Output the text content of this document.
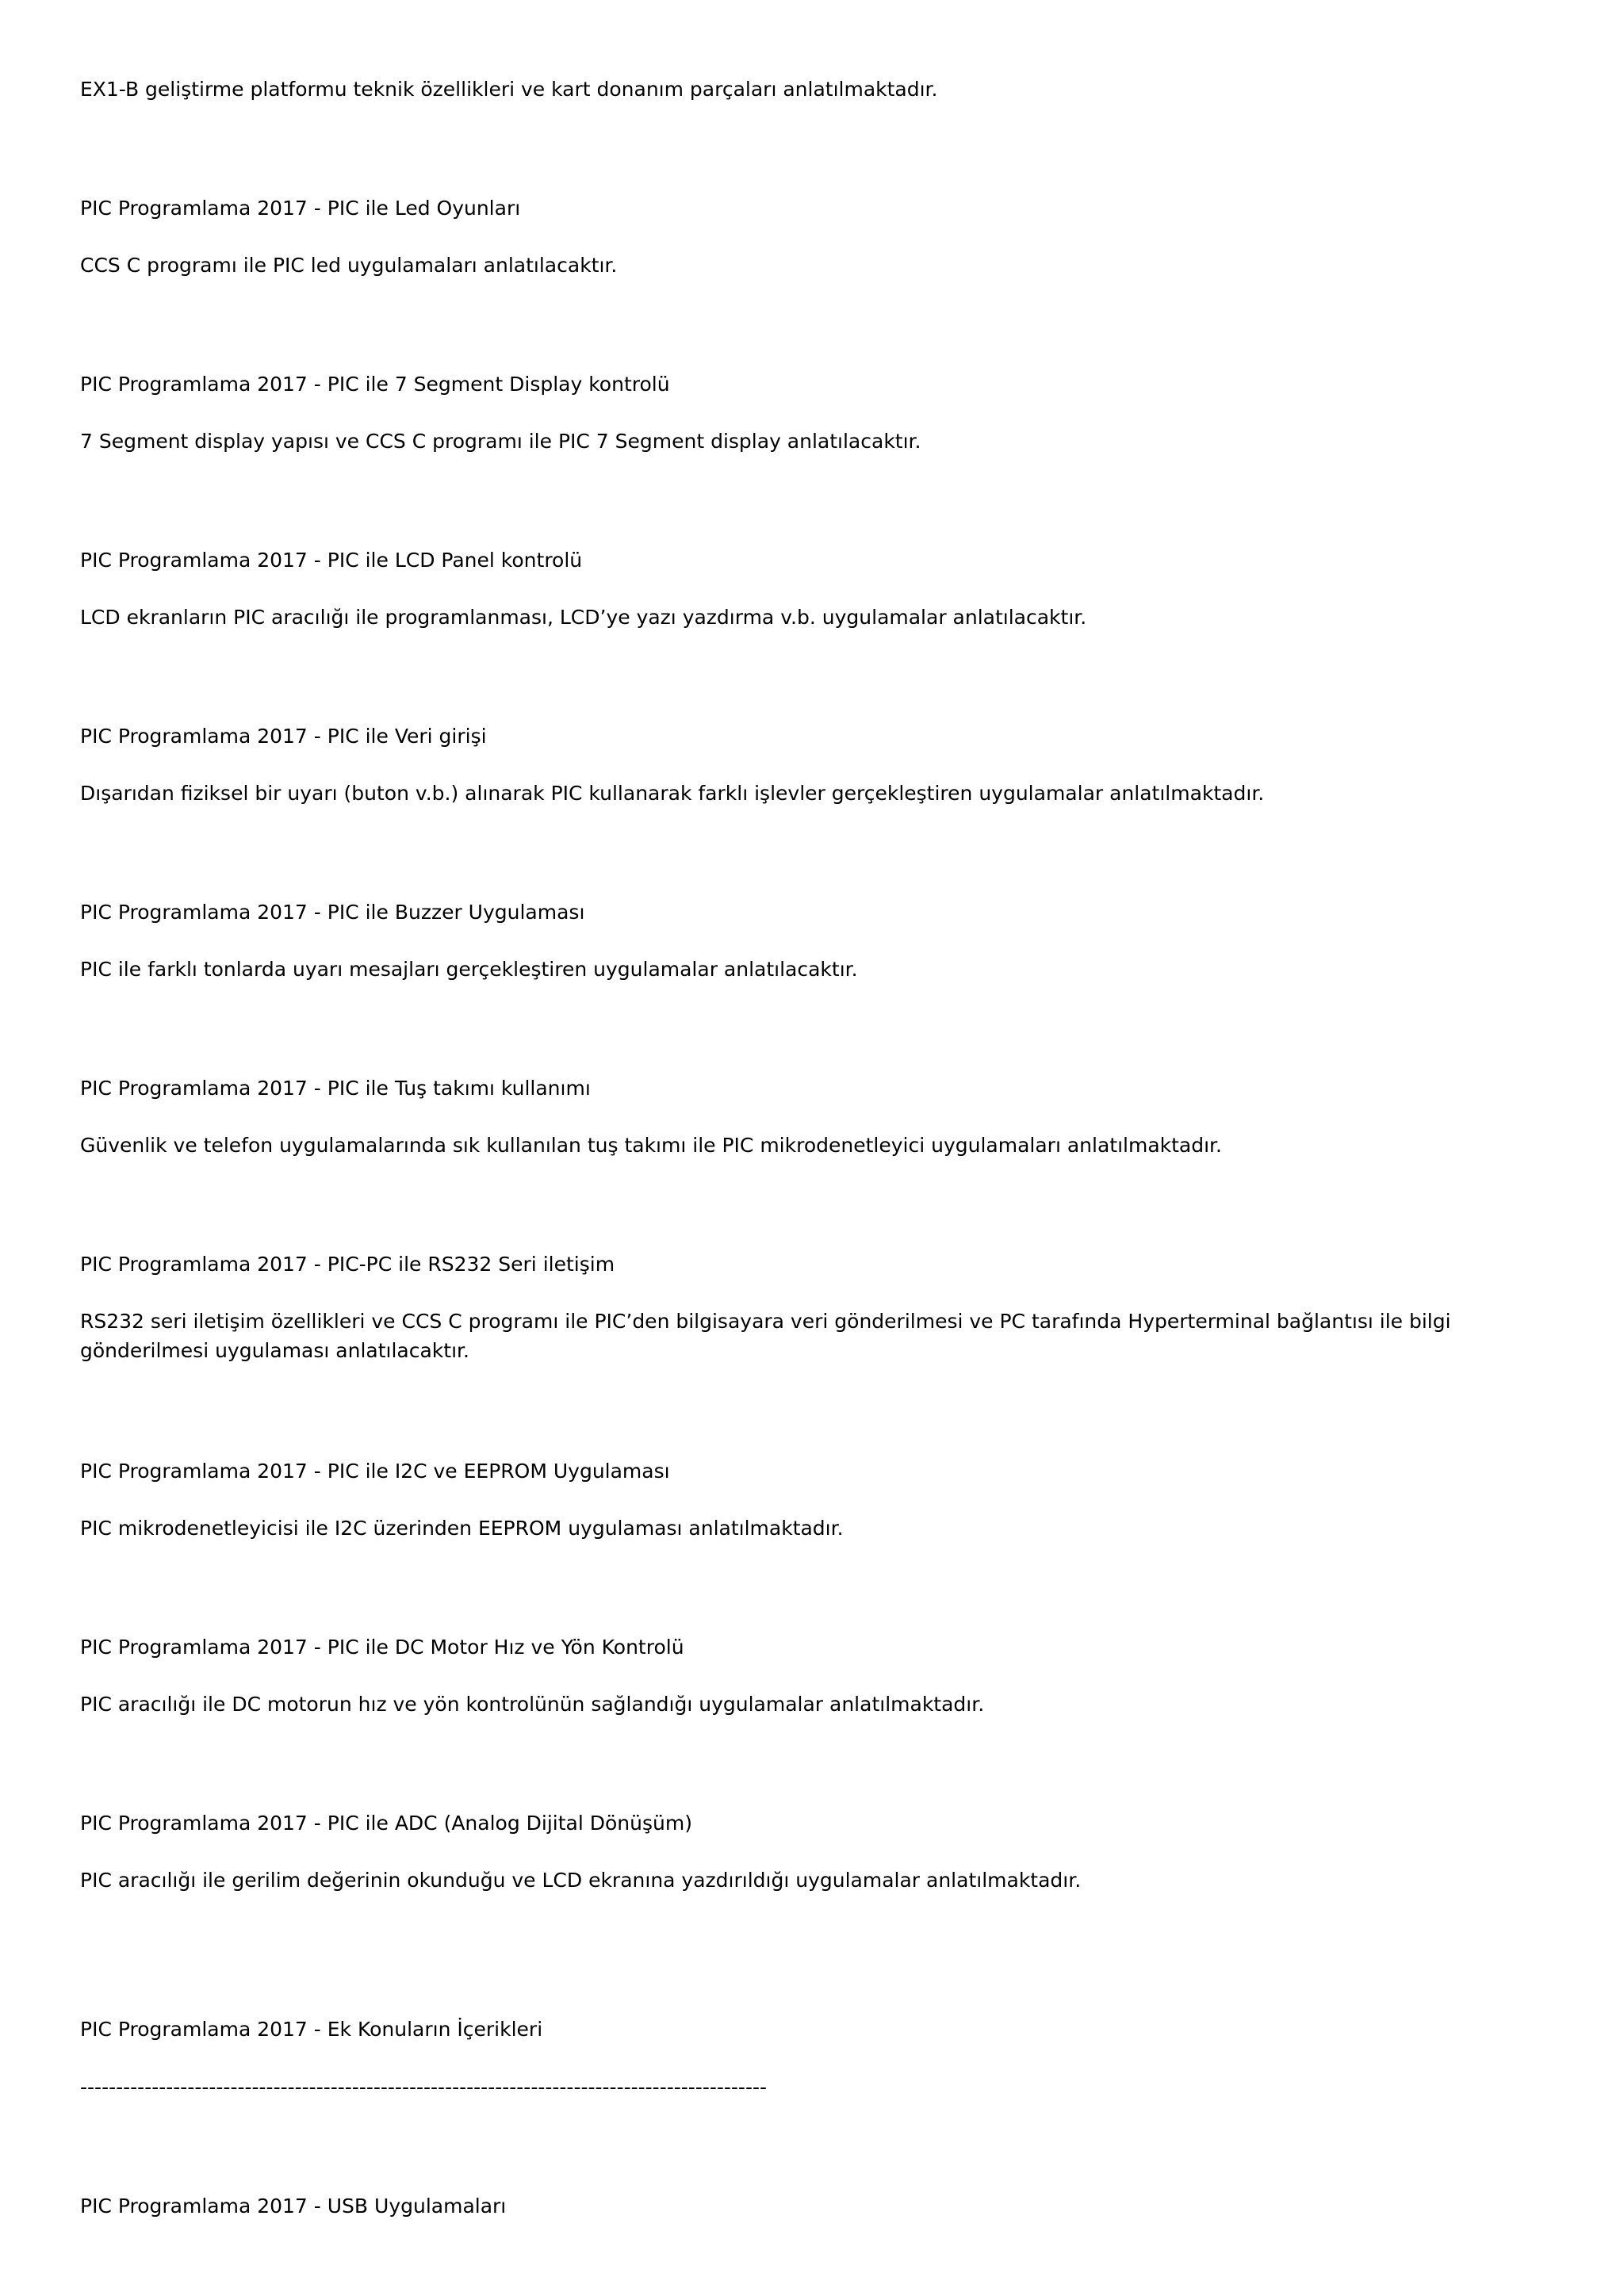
EX1-B geliştirme platformu teknik özellikleri ve kart donanım parçaları anlatılmaktadır.

PIC Programlama 2017 - PIC ile Led Oyunları

CCS C programı ile PIC led uygulamaları anlatılacaktır.

PIC Programlama 2017 - PIC ile 7 Segment Display kontrolü

7 Segment display yapısı ve CCS C programı ile PIC 7 Segment display anlatılacaktır.

PIC Programlama 2017 - PIC ile LCD Panel kontrolü

LCD ekranların PIC aracılığı ile programlanması, LCD’ye yazı yazdırma v.b. uygulamalar anlatılacaktır.

PIC Programlama 2017 - PIC ile Veri girişi

Dışarıdan fiziksel bir uyarı (buton v.b.) alınarak PIC kullanarak farklı işlevler gerçekleştiren uygulamalar anlatılmaktadır.

PIC Programlama 2017 - PIC ile Buzzer Uygulaması

PIC ile farklı tonlarda uyarı mesajları gerçekleştiren uygulamalar anlatılacaktır.

PIC Programlama 2017 - PIC ile Tuş takımı kullanımı

Güvenlik ve telefon uygulamalarında sık kullanılan tuş takımı ile PIC mikrodenetleyici uygulamaları anlatılmaktadır.

PIC Programlama 2017 - PIC-PC ile RS232 Seri iletişim

RS232 seri iletişim özellikleri ve CCS C programı ile PIC’den bilgisayara veri gönderilmesi ve PC tarafında Hyperterminal bağlantısı ile bilgi gönderilmesi uygulaması anlatılacaktır.

PIC Programlama 2017 - PIC ile I2C ve EEPROM Uygulaması

PIC mikrodenetleyicisi ile I2C üzerinden EEPROM uygulaması anlatılmaktadır.

PIC Programlama 2017 - PIC ile DC Motor Hız ve Yön Kontrolü

PIC aracılığı ile DC motorun hız ve yön kontrolünün sağlandığı uygulamalar anlatılmaktadır.

PIC Programlama 2017 - PIC ile ADC (Analog Dijital Dönüşüm)

PIC aracılığı ile gerilim değerinin okunduğu ve LCD ekranına yazdırıldığı uygulamalar anlatılmaktadır.

PIC Programlama 2017 - Ek Konuların İçerikleri

------------------------------------------------------------------------------------------------

PIC Programlama 2017 - USB Uygulamaları
